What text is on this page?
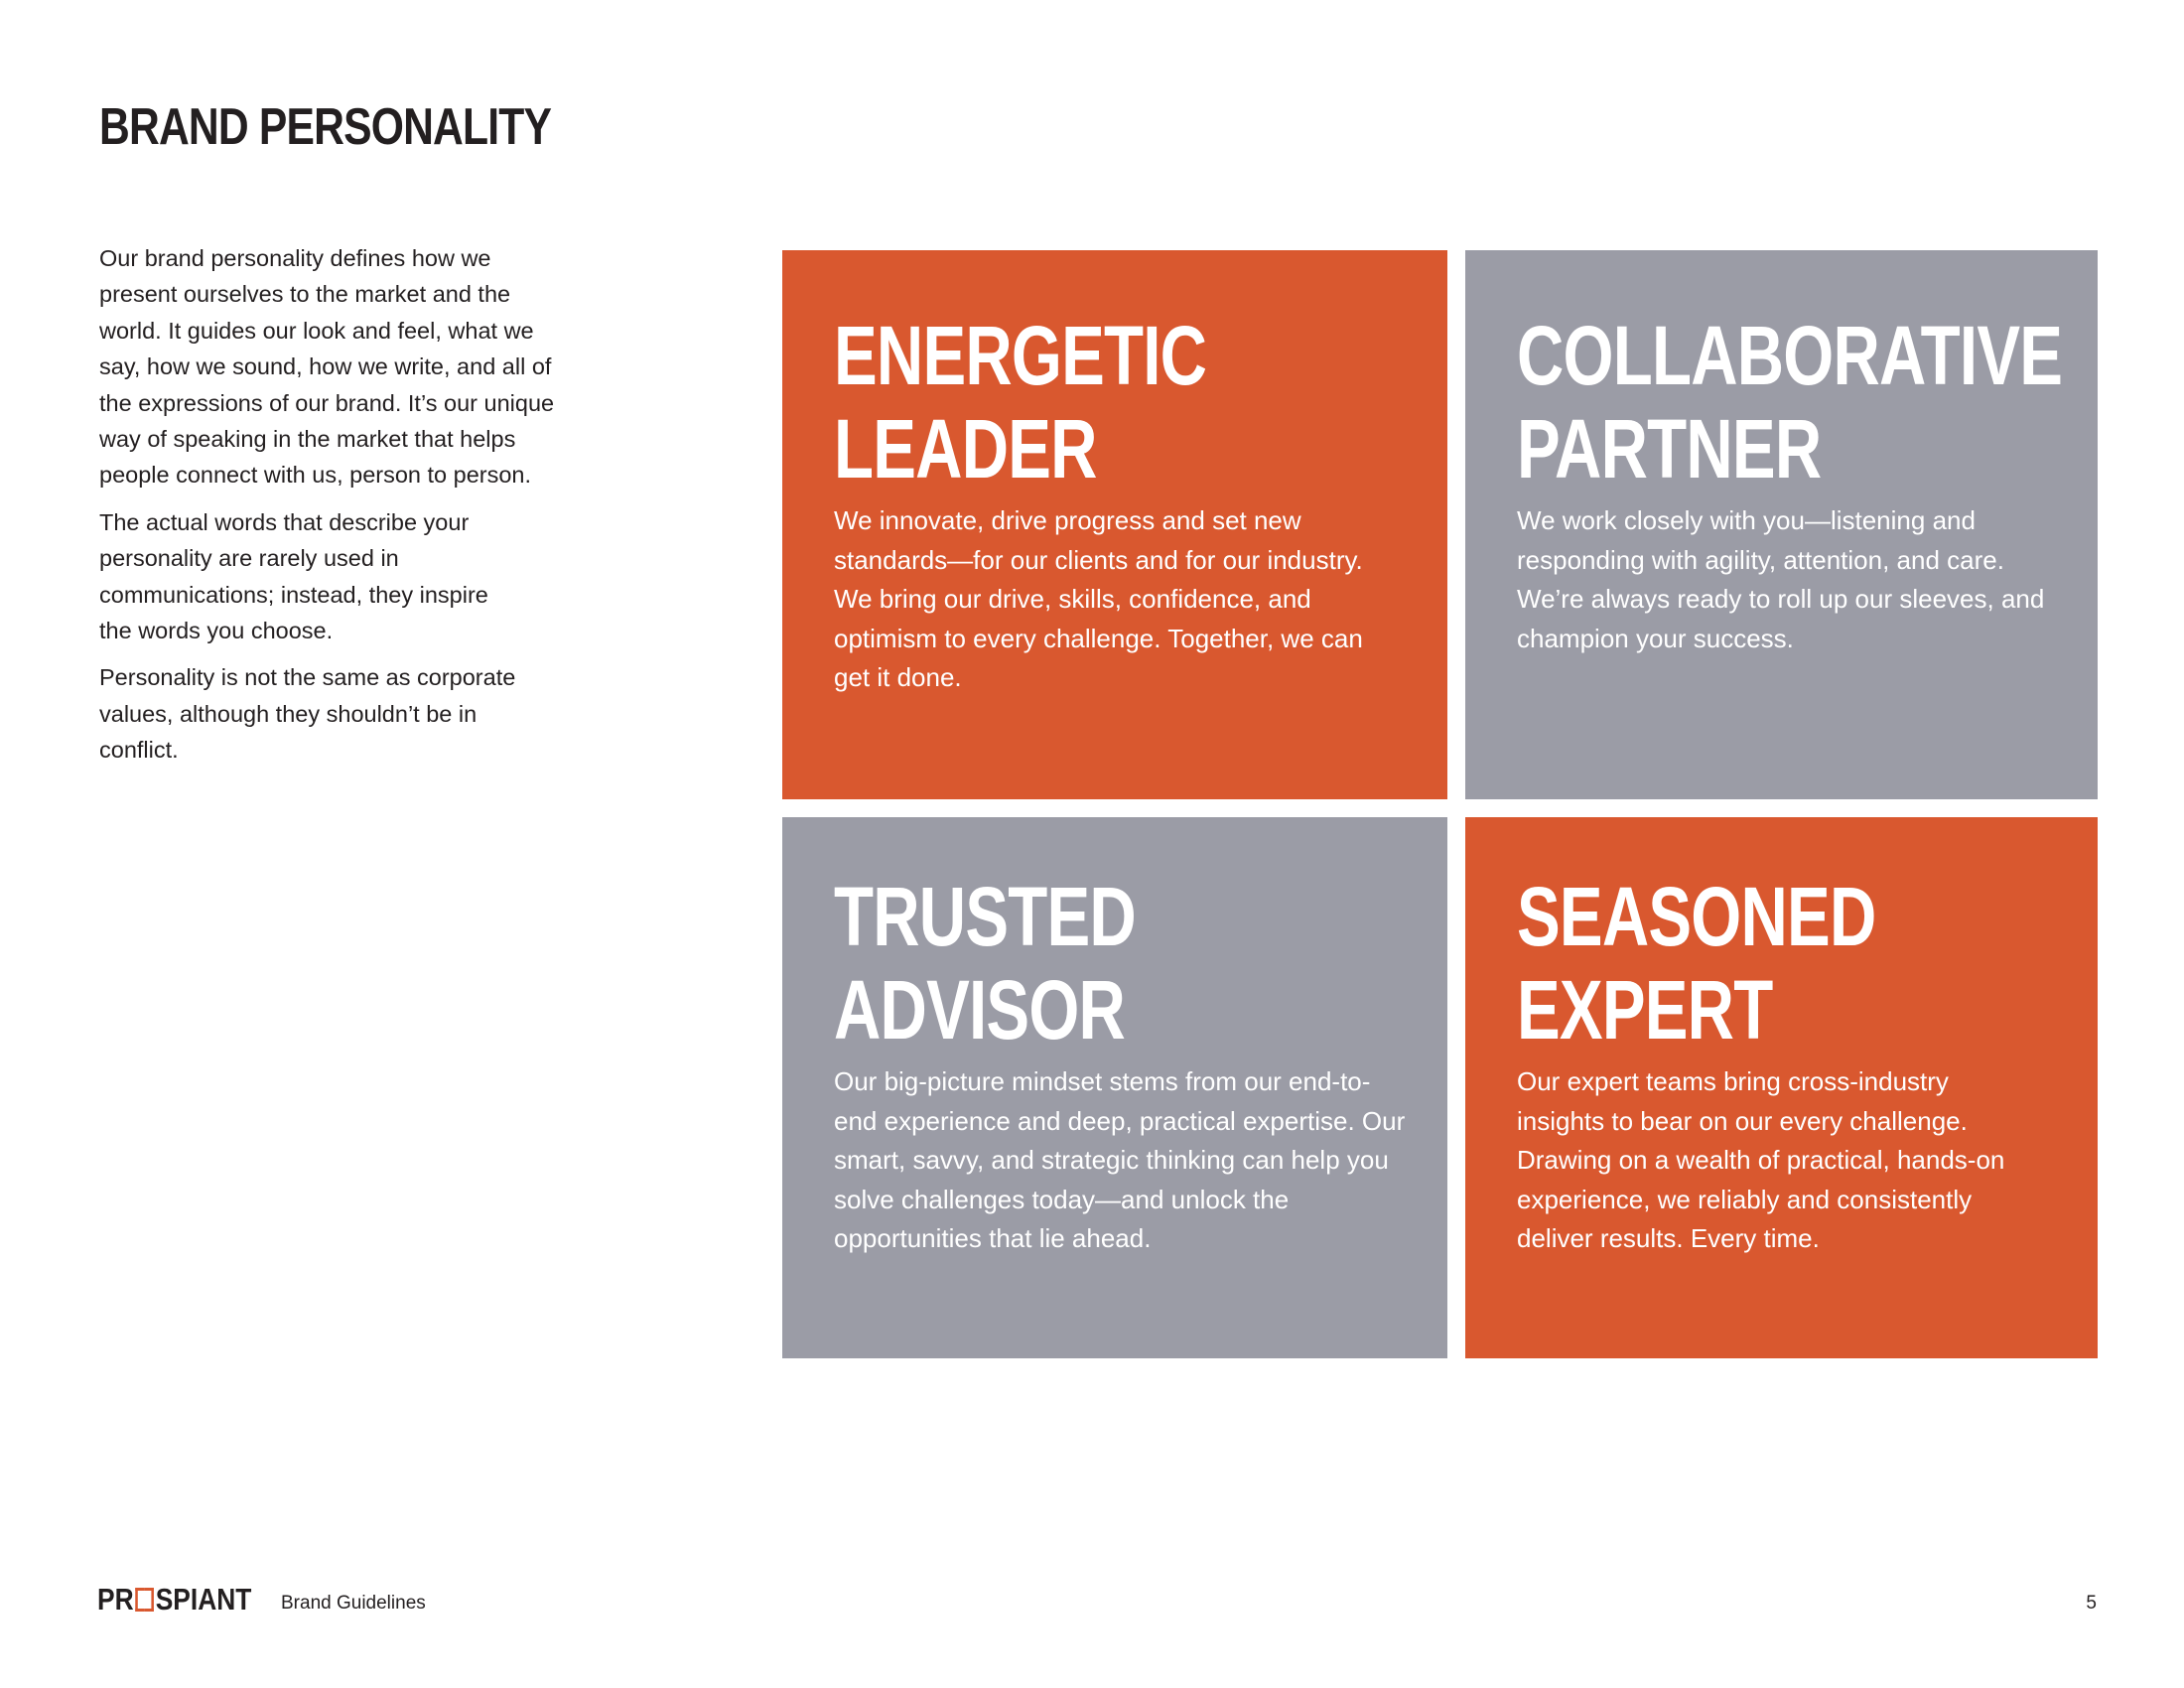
BRAND PERSONALITY

Our brand personality defines how we present ourselves to the market and the world. It guides our look and feel, what we say, how we sound, how we write, and all of the expressions of our brand. It’s our unique way of speaking in the market that helps people connect with us, person to person.

The actual words that describe your personality are rarely used in communications; instead, they inspire the words you choose.

Personality is not the same as corporate values, although they shouldn’t be in conflict.

ENERGETIC
LEADER

We innovate, drive progress and set new standards—for our clients and for our industry. We bring our drive, skills, confidence, and optimism to every challenge. Together, we can get it done.

COLLABORATIVE
PARTNER

We work closely with you—listening and responding with agility, attention, and care. We’re always ready to roll up our sleeves, and champion your success.

TRUSTED
ADVISOR

Our big-picture mindset stems from our end-to-end experience and deep, practical expertise. Our smart, savvy, and strategic thinking can help you solve challenges today—and unlock the opportunities that lie ahead.

SEASONED
EXPERT

Our expert teams bring cross-industry insights to bear on our every challenge. Drawing on a wealth of practical, hands-on experience, we reliably and consistently deliver results. Every time.

PR SPIANT Brand Guidelines	5
